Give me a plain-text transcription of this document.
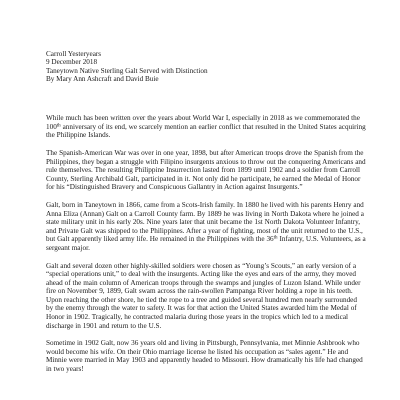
Carroll Yesteryears
9 December 2018
Taneytown Native Sterling Galt Served with Distinction
By Mary Ann Ashcraft and David Buie

While much has been written over the years about World War I, especially in 2018 as we commemorated the 100th anniversary of its end, we scarcely mention an earlier conflict that resulted in the United States acquiring the Philippine Islands.

The Spanish-American War was over in one year, 1898, but after American troops drove the Spanish from the Philippines, they began a struggle with Filipino insurgents anxious to throw out the conquering Americans and rule themselves. The resulting Philippine Insurrection lasted from 1899 until 1902 and a soldier from Carroll County, Sterling Archibald Galt, participated in it. Not only did he participate, he earned the Medal of Honor for his “Distinguished Bravery and Conspicuous Gallantry in Action against Insurgents.”

Galt, born in Taneytown in 1866, came from a Scots-Irish family. In 1880 he lived with his parents Henry and Anna Eliza (Annan) Galt on a Carroll County farm. By 1889 he was living in North Dakota where he joined a state military unit in his early 20s. Nine years later that unit became the 1st North Dakota Volunteer Infantry, and Private Galt was shipped to the Philippines. After a year of fighting, most of the unit returned to the U.S., but Galt apparently liked army life. He remained in the Philippines with the 36th Infantry, U.S. Volunteers, as a sergeant major.

Galt and several dozen other highly-skilled soldiers were chosen as “Young’s Scouts,” an early version of a “special operations unit,” to deal with the insurgents. Acting like the eyes and ears of the army, they moved ahead of the main column of American troops through the swamps and jungles of Luzon Island. While under fire on November 9, 1899, Galt swam across the rain-swollen Pampanga River holding a rope in his teeth. Upon reaching the other shore, he tied the rope to a tree and guided several hundred men nearly surrounded by the enemy through the water to safety. It was for that action the United States awarded him the Medal of Honor in 1902. Tragically, he contracted malaria during those years in the tropics which led to a medical discharge in 1901 and return to the U.S.

Sometime in 1902 Galt, now 36 years old and living in Pittsburgh, Pennsylvania, met Minnie Ashbrook who would become his wife. On their Ohio marriage license he listed his occupation as “sales agent.” He and Minnie were married in May 1903 and apparently headed to Missouri. How dramatically his life had changed in two years!
